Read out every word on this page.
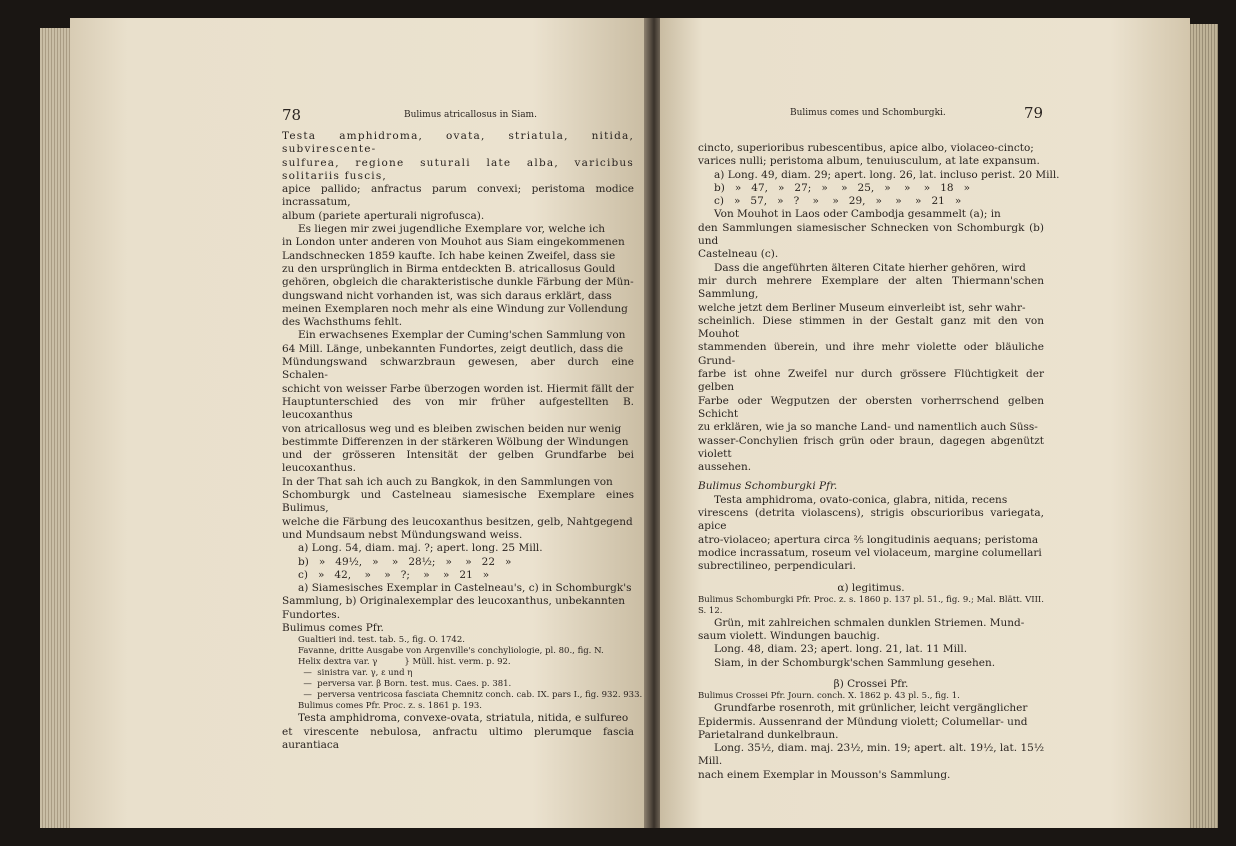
78	Bulimus atricallosus in Siam.

Testa amphidroma, ovata, striatula, nitida, subvirescente-

sulfurea, regione suturali late alba, varicibus solitariis fuscis,

apice pallido; anfractus parum convexi; peristoma modice incrassatum,

album (pariete aperturali nigrofusca).

Es liegen mir zwei jugendliche Exemplare vor, welche ich

in London unter anderen von Mouhot aus Siam eingekommenen

Landschnecken 1859 kaufte. Ich habe keinen Zweifel, dass sie

zu den ursprünglich in Birma entdeckten B. atricallosus Gould

gehören, obgleich die charakteristische dunkle Färbung der Mün-

dungswand nicht vorhanden ist, was sich daraus erklärt, dass

meinen Exemplaren noch mehr als eine Windung zur Vollendung

des Wachsthums fehlt.

Ein erwachsenes Exemplar der Cuming'schen Sammlung von

64 Mill. Länge, unbekannten Fundortes, zeigt deutlich, dass die

Mündungswand schwarzbraun gewesen, aber durch eine Schalen-

schicht von weisser Farbe überzogen worden ist. Hiermit fällt der

Hauptunterschied des von mir früher aufgestellten B. leucoxanthus

von atricallosus weg und es bleiben zwischen beiden nur wenig

bestimmte Differenzen in der stärkeren Wölbung der Windungen

und der grösseren Intensität der gelben Grundfarbe bei leucoxanthus.

In der That sah ich auch zu Bangkok, in den Sammlungen von

Schomburgk und Castelneau siamesische Exemplare eines Bulimus,

welche die Färbung des leucoxanthus besitzen, gelb, Nahtgegend

und Mundsaum nebst Mündungswand weiss.

a) Long. 54, diam. maj. ?; apert. long. 25 Mill.

b)   »   49½,   »    »   28½;   »    »   22   »

c)   »   42,    »    »   ?;    »    »   21   »

a) Siamesisches Exemplar in Castelneau's, c) in Schomburgk's

Sammlung, b) Originalexemplar des leucoxanthus, unbekannten

Fundortes.

Bulimus comes Pfr.

Gualtieri ind. test. tab. 5., fig. O. 1742.

Favanne, dritte Ausgabe von Argenville's conchyliologie, pl. 80., fig. N.

Helix dextra var. γ          } Müll. hist. verm. p. 92.

—  sinistra var. γ, ε und η

—  perversa var. β Born. test. mus. Caes. p. 381.

—  perversa ventricosa fasciata Chemnitz conch. cab. IX. pars I., fig. 932. 933.

Bulimus comes Pfr. Proc. z. s. 1861 p. 193.

Testa amphidroma, convexe-ovata, striatula, nitida, e sulfureo

et virescente nebulosa, anfractu ultimo plerumque fascia aurantiaca

Bulimus comes und Schomburgki.	79

cincto, superioribus rubescentibus, apice albo, violaceo-cincto;

varices nulli; peristoma album, tenuiusculum, at late expansum.

a) Long. 49, diam. 29; apert. long. 26, lat. incluso perist. 20 Mill.

b)   »   47,   »   27;   »    »   25,   »    »    »   18   »

c)   »   57,   »   ?    »    »   29,   »    »    »   21   »

Von Mouhot in Laos oder Cambodja gesammelt (a); in

den Sammlungen siamesischer Schnecken von Schomburgk (b) und

Castelneau (c).

Dass die angeführten älteren Citate hierher gehören, wird

mir durch mehrere Exemplare der alten Thiermann'schen Sammlung,

welche jetzt dem Berliner Museum einverleibt ist, sehr wahr-

scheinlich. Diese stimmen in der Gestalt ganz mit den von Mouhot

stammenden überein, und ihre mehr violette oder bläuliche Grund-

farbe ist ohne Zweifel nur durch grössere Flüchtigkeit der gelben

Farbe oder Wegputzen der obersten vorherrschend gelben Schicht

zu erklären, wie ja so manche Land- und namentlich auch Süss-

wasser-Conchylien frisch grün oder braun, dagegen abgenützt violett

aussehen.

Bulimus Schomburgki Pfr.

Testa amphidroma, ovato-conica, glabra, nitida, recens

virescens (detrita violascens), strigis obscurioribus variegata, apice

atro-violaceo; apertura circa ⅖ longitudinis aequans; peristoma

modice incrassatum, roseum vel violaceum, margine columellari

subrectilineo, perpendiculari.

α) legitimus.

Bulimus Schomburgki Pfr. Proc. z. s. 1860 p. 137 pl. 51., fig. 9.; Mal. Blätt. VIII. S. 12.

Grün, mit zahlreichen schmalen dunklen Striemen. Mund-

saum violett. Windungen bauchig.

Long. 48, diam. 23; apert. long. 21, lat. 11 Mill.

Siam, in der Schomburgk'schen Sammlung gesehen.

β) Crossei Pfr.

Bulimus Crossei Pfr. Journ. conch. X. 1862 p. 43 pl. 5., fig. 1.

Grundfarbe rosenroth, mit grünlicher, leicht vergänglicher

Epidermis. Aussenrand der Mündung violett; Columellar- und

Parietalrand dunkelbraun.

Long. 35½, diam. maj. 23½, min. 19; apert. alt. 19½, lat. 15½ Mill.

nach einem Exemplar in Mousson's Sammlung.
